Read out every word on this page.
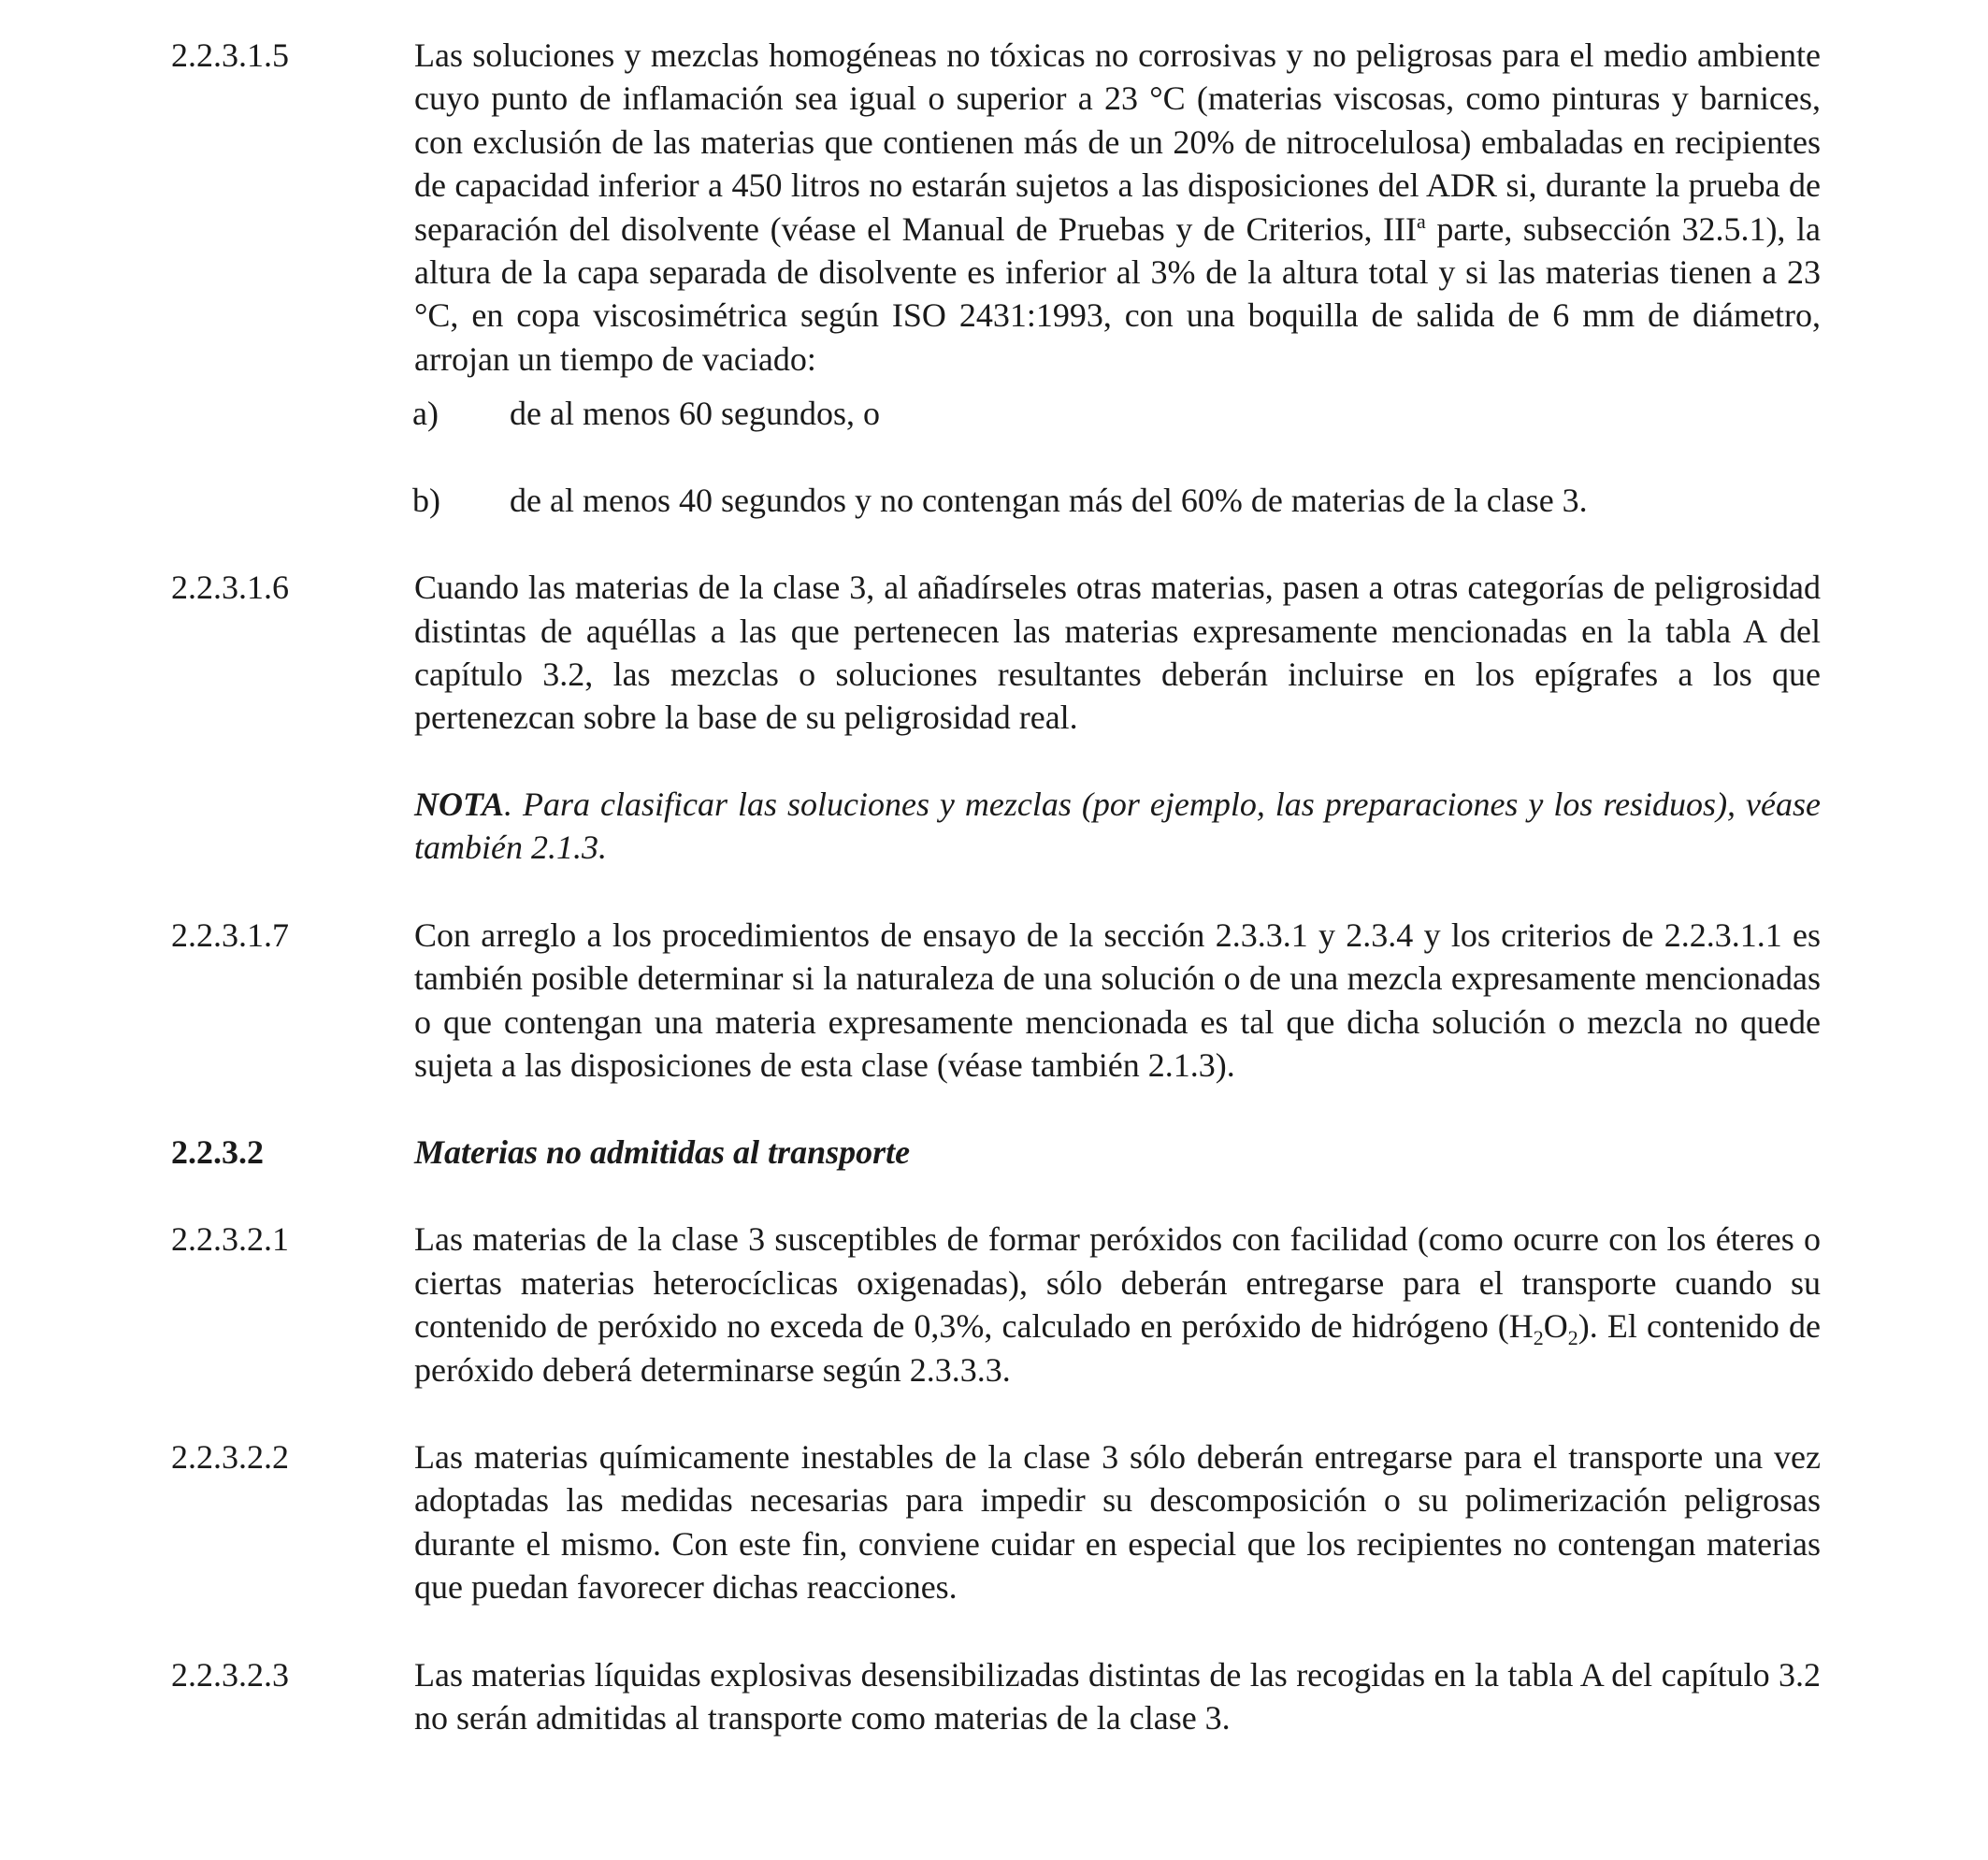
2.2.3.1.5	Las soluciones y mezclas homogéneas no tóxicas no corrosivas y no peligrosas para el medio ambiente cuyo punto de inflamación sea igual o superior a 23 °C (materias viscosas, como pinturas y barnices, con exclusión de las materias que contienen más de un 20% de nitrocelulosa) embaladas en recipientes de capacidad inferior a 450 litros no estarán sujetos a las disposiciones del ADR si, durante la prueba de separación del disolvente (véase el Manual de Pruebas y de Criterios, III$^a$ parte, subsección 32.5.1), la altura de la capa separada de disolvente es inferior al 3% de la altura total y si las materias tienen a 23 °C, en copa viscosimétrica según ISO 2431:1993, con una boquilla de salida de 6 mm de diámetro, arrojan un tiempo de vaciado:

a) de al menos 60 segundos, o
b) de al menos 40 segundos y no contengan más del 60% de materias de la clase 3.
2.2.3.1.6	Cuando las materias de la clase 3, al añadírseles otras materias, pasen a otras categorías de peligrosidad distintas de aquéllas a las que pertenecen las materias expresamente mencionadas en la tabla A del capítulo 3.2, las mezclas o soluciones resultantes deberán incluirse en los epígrafes a los que pertenezcan sobre la base de su peligrosidad real.

NOTA. Para clasificar las soluciones y mezclas (por ejemplo, las preparaciones y los residuos), véase también 2.1.3.

2.2.3.1.7	Con arreglo a los procedimientos de ensayo de la sección 2.3.3.1 y 2.3.4 y los criterios de 2.2.3.1.1 es también posible determinar si la naturaleza de una solución o de una mezcla expresamente mencionadas o que contengan una materia expresamente mencionada es tal que dicha solución o mezcla no quede sujeta a las disposiciones de esta clase (véase también 2.1.3).

2.2.3.2	Materias no admitidas al transporte

2.2.3.2.1	Las materias de la clase 3 susceptibles de formar peróxidos con facilidad (como ocurre con los éteres o ciertas materias heterocíclicas oxigenadas), sólo deberán entregarse para el transporte cuando su contenido de peróxido no exceda de 0,3%, calculado en peróxido de hidrógeno $(H_2O_2)$. El contenido de peróxido deberá determinarse según 2.3.3.3.

2.2.3.2.2	Las materias químicamente inestables de la clase 3 sólo deberán entregarse para el transporte una vez adoptadas las medidas necesarias para impedir su descomposición o su polimerización peligrosas durante el mismo. Con este fin, conviene cuidar en especial que los recipientes no contengan materias que puedan favorecer dichas reacciones.

2.2.3.2.3	Las materias líquidas explosivas desensibilizadas distintas de las recogidas en la tabla A del capítulo 3.2 no serán admitidas al transporte como materias de la clase 3.
